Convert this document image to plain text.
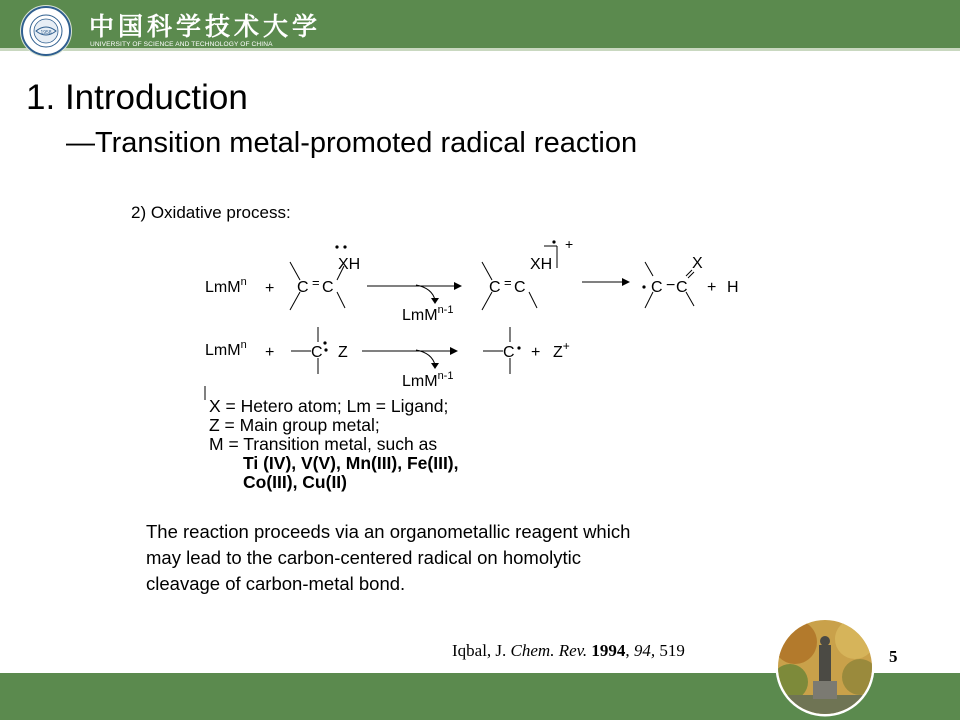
1958 中国科学技术大学
UNIVERSITY OF SCIENCE AND TECHNOLOGY OF CHINA
1. Introduction
—Transition metal-promoted radical reaction
2) Oxidative process:
LmM$^n$ + C = C
XH
LmM$^{n-1}$
C = C
XH
+
C − C
X
+ H
LmM$^n$ + C Z
LmM$^{n-1}$
C + Z+
X = Hetero atom; Lm = Ligand;
Z = Main group metal;
M = Transition metal, such as
Ti (IV), V(V), Mn(III), Fe(III),
Co(III), Cu(II)
The reaction proceeds via an organometallic reagent which
may lead to the carbon-centered radical on homolytic
cleavage of carbon-metal bond.
Iqbal, J. Chem. Rev. 1994, 94, 519	5
